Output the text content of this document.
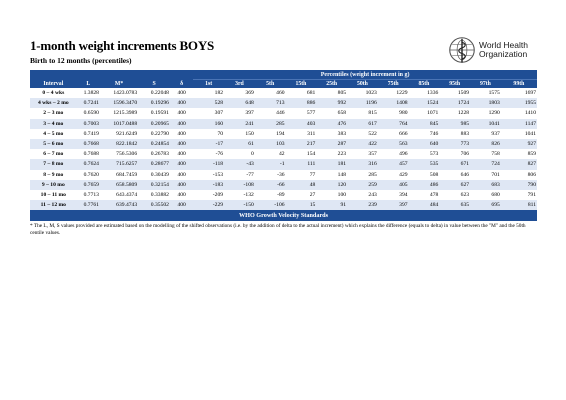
1-month weight increments BOYS
Birth to 12 months (percentiles)
World Health
Organization
					Percentiles (weight increment in g)										
Interval	L	M*	S	δ	1st	3rd	5th	15th	25th	50th	75th	85th	95th	97th	99th
0 – 4 wks	1.3828	1423.0783	0.22048	400	182	369	460	681	805	1023	1229	1336	1509	1575	1697
4 wks – 2 mo	0.7241	1596.3470	0.19296	400	528	648	713	886	992	1196	1408	1524	1724	1803	1955
2 – 3 mo	0.6590	1215.3989	0.19591	400	307	397	446	577	658	815	980	1071	1228	1290	1410
3 – 4 mo	0.7003	1017.0488	0.20965	400	160	241	285	403	476	617	764	845	985	1041	1147
4 – 5 mo	0.7419	921.6249	0.22790	400	70	150	194	311	383	522	666	746	883	937	1041
5 – 6 mo	0.7668	822.1842	0.24854	400	-17	61	103	217	287	422	563	640	773	826	927
6 – 7 mo	0.7688	756.5306	0.26783	400	-76	0	42	154	223	357	496	573	706	758	859
7 – 8 mo	0.7624	715.6257	0.28677	400	-118	-43	-1	111	181	316	457	535	671	724	827
8 – 9 mo	0.7620	684.7459	0.30439	400	-153	-77	-36	77	148	285	429	508	646	701	806
9 – 10 mo	0.7659	658.5809	0.32154	400	-183	-108	-66	48	120	259	405	486	627	683	790
10 – 11 mo	0.7713	643.4374	0.33882	400	-209	-132	-89	27	100	243	394	478	623	680	791
11 – 12 mo	0.7761	639.4743	0.35502	400	-229	-150	-106	15	91	239	397	484	635	695	811
WHO Growth Velocity Standards															
* The L, M, S values provided are estimated based on the modelling of the shifted observations (i.e. by the addition of delta to the actual increment) which explains the difference (equals to delta) in value between the "M" and the 50th centile values.
